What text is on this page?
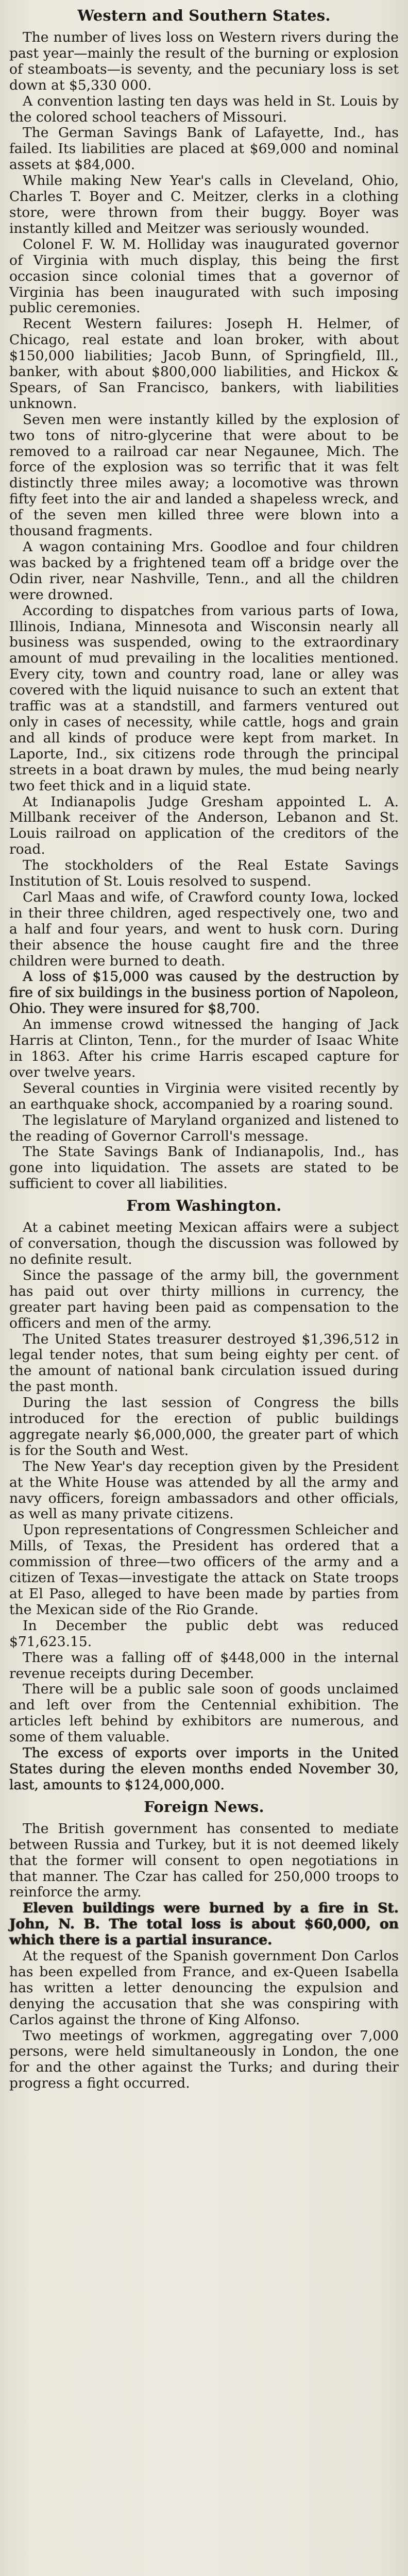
Western and Southern States.

The number of lives loss on Western rivers during the past year—mainly the result of the burning or explosion of steamboats—is seventy, and the pecuniary loss is set down at $5,330 000.

A convention lasting ten days was held in St. Louis by the colored school teachers of Missouri.

The German Savings Bank of Lafayette, Ind., has failed. Its liabilities are placed at $69,000 and nominal assets at $84,000.

While making New Year's calls in Cleveland, Ohio, Charles T. Boyer and C. Meitzer, clerks in a clothing store, were thrown from their buggy. Boyer was instantly killed and Meitzer was seriously wounded.

Colonel F. W. M. Holliday was inaugurated governor of Virginia with much display, this being the first occasion since colonial times that a governor of Virginia has been inaugurated with such imposing public ceremonies.

Recent Western failures: Joseph H. Helmer, of Chicago, real estate and loan broker, with about $150,000 liabilities; Jacob Bunn, of Springfield, Ill., banker, with about $800,000 liabilities, and Hickox & Spears, of San Francisco, bankers, with liabilities unknown.

Seven men were instantly killed by the explosion of two tons of nitro-glycerine that were about to be removed to a railroad car near Negaunee, Mich. The force of the explosion was so terrific that it was felt distinctly three miles away; a locomotive was thrown fifty feet into the air and landed a shapeless wreck, and of the seven men killed three were blown into a thousand fragments.

A wagon containing Mrs. Goodloe and four children was backed by a frightened team off a bridge over the Odin river, near Nashville, Tenn., and all the children were drowned.

According to dispatches from various parts of Iowa, Illinois, Indiana, Minnesota and Wisconsin nearly all business was suspended, owing to the extraordinary amount of mud prevailing in the localities mentioned. Every city, town and country road, lane or alley was covered with the liquid nuisance to such an extent that traffic was at a standstill, and farmers ventured out only in cases of necessity, while cattle, hogs and grain and all kinds of produce were kept from market. In Laporte, Ind., six citizens rode through the principal streets in a boat drawn by mules, the mud being nearly two feet thick and in a liquid state.

At Indianapolis Judge Gresham appointed L. A. Millbank receiver of the Anderson, Lebanon and St. Louis railroad on application of the creditors of the road.

The stockholders of the Real Estate Savings Institution of St. Louis resolved to suspend.

Carl Maas and wife, of Crawford county Iowa, locked in their three children, aged respectively one, two and a half and four years, and went to husk corn. During their absence the house caught fire and the three children were burned to death.

A loss of $15,000 was caused by the destruction by fire of six buildings in the business portion of Napoleon, Ohio. They were insured for $8,700.

An immense crowd witnessed the hanging of Jack Harris at Clinton, Tenn., for the murder of Isaac White in 1863. After his crime Harris escaped capture for over twelve years.

Several counties in Virginia were visited recently by an earthquake shock, accompanied by a roaring sound.

The legislature of Maryland organized and listened to the reading of Governor Carroll's message.

The State Savings Bank of Indianapolis, Ind., has gone into liquidation. The assets are stated to be sufficient to cover all liabilities.

From Washington.

At a cabinet meeting Mexican affairs were a subject of conversation, though the discussion was followed by no definite result.

Since the passage of the army bill, the government has paid out over thirty millions in currency, the greater part having been paid as compensation to the officers and men of the army.

The United States treasurer destroyed $1,396,512 in legal tender notes, that sum being eighty per cent. of the amount of national bank circulation issued during the past month.

During the last session of Congress the bills introduced for the erection of public buildings aggregate nearly $6,000,000, the greater part of which is for the South and West.

The New Year's day reception given by the President at the White House was attended by all the army and navy officers, foreign ambassadors and other officials, as well as many private citizens.

Upon representations of Congressmen Schleicher and Mills, of Texas, the President has ordered that a commission of three—two officers of the army and a citizen of Texas—investigate the attack on State troops at El Paso, alleged to have been made by parties from the Mexican side of the Rio Grande.

In December the public debt was reduced $71,623.15.

There was a falling off of $448,000 in the internal revenue receipts during December.

There will be a public sale soon of goods unclaimed and left over from the Centennial exhibition. The articles left behind by exhibitors are numerous, and some of them valuable.

The excess of exports over imports in the United States during the eleven months ended November 30, last, amounts to $124,000,000.

Foreign News.

The British government has consented to mediate between Russia and Turkey, but it is not deemed likely that the former will consent to open negotiations in that manner. The Czar has called for 250,000 troops to reinforce the army.

Eleven buildings were burned by a fire in St. John, N. B. The total loss is about $60,000, on which there is a partial insurance.

At the request of the Spanish government Don Carlos has been expelled from France, and ex-Queen Isabella has written a letter denouncing the expulsion and denying the accusation that she was conspiring with Carlos against the throne of King Alfonso.

Two meetings of workmen, aggregating over 7,000 persons, were held simultaneously in London, the one for and the other against the Turks; and during their progress a fight occurred.
